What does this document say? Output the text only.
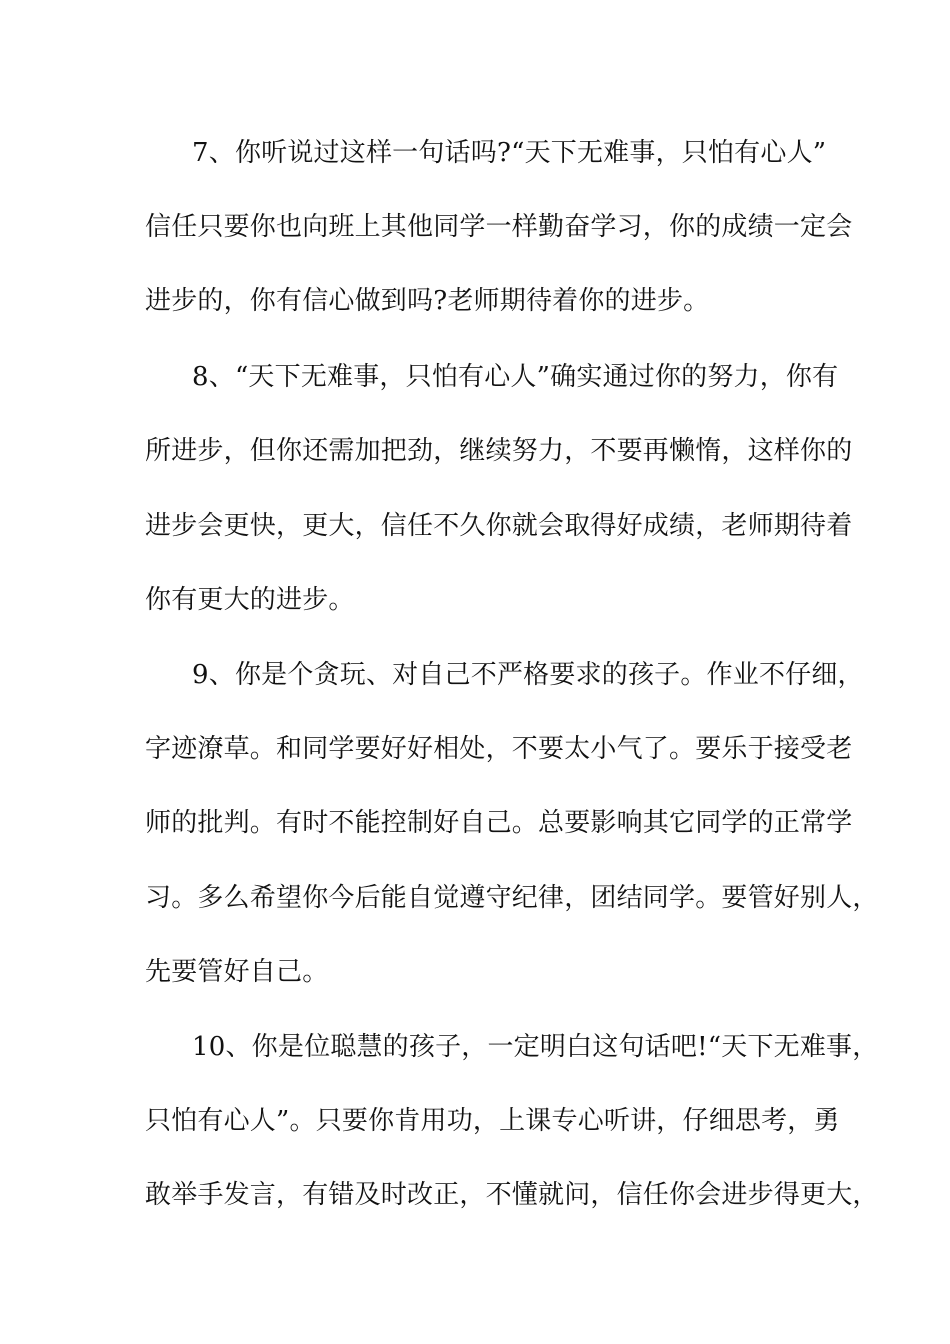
7、你听说过这样一句话吗?“天下无难事，只怕有心人”
信任只要你也向班上其他同学一样勤奋学习，你的成绩一定会
进步的，你有信心做到吗?老师期待着你的进步。
8、“天下无难事，只怕有心人”确实通过你的努力，你有
所进步，但你还需加把劲，继续努力，不要再懒惰，这样你的
进步会更快，更大，信任不久你就会取得好成绩，老师期待着
你有更大的进步。
9、你是个贪玩、对自己不严格要求的孩子。作业不仔细，
字迹潦草。和同学要好好相处，不要太小气了。要乐于接受老
师的批判。有时不能控制好自己。总要影响其它同学的正常学
习。多么希望你今后能自觉遵守纪律，团结同学。要管好别人，
先要管好自己。
10、你是位聪慧的孩子，一定明白这句话吧!“天下无难事，
只怕有心人”。只要你肯用功，上课专心听讲，仔细思考，勇
敢举手发言，有错及时改正，不懂就问，信任你会进步得更大，
